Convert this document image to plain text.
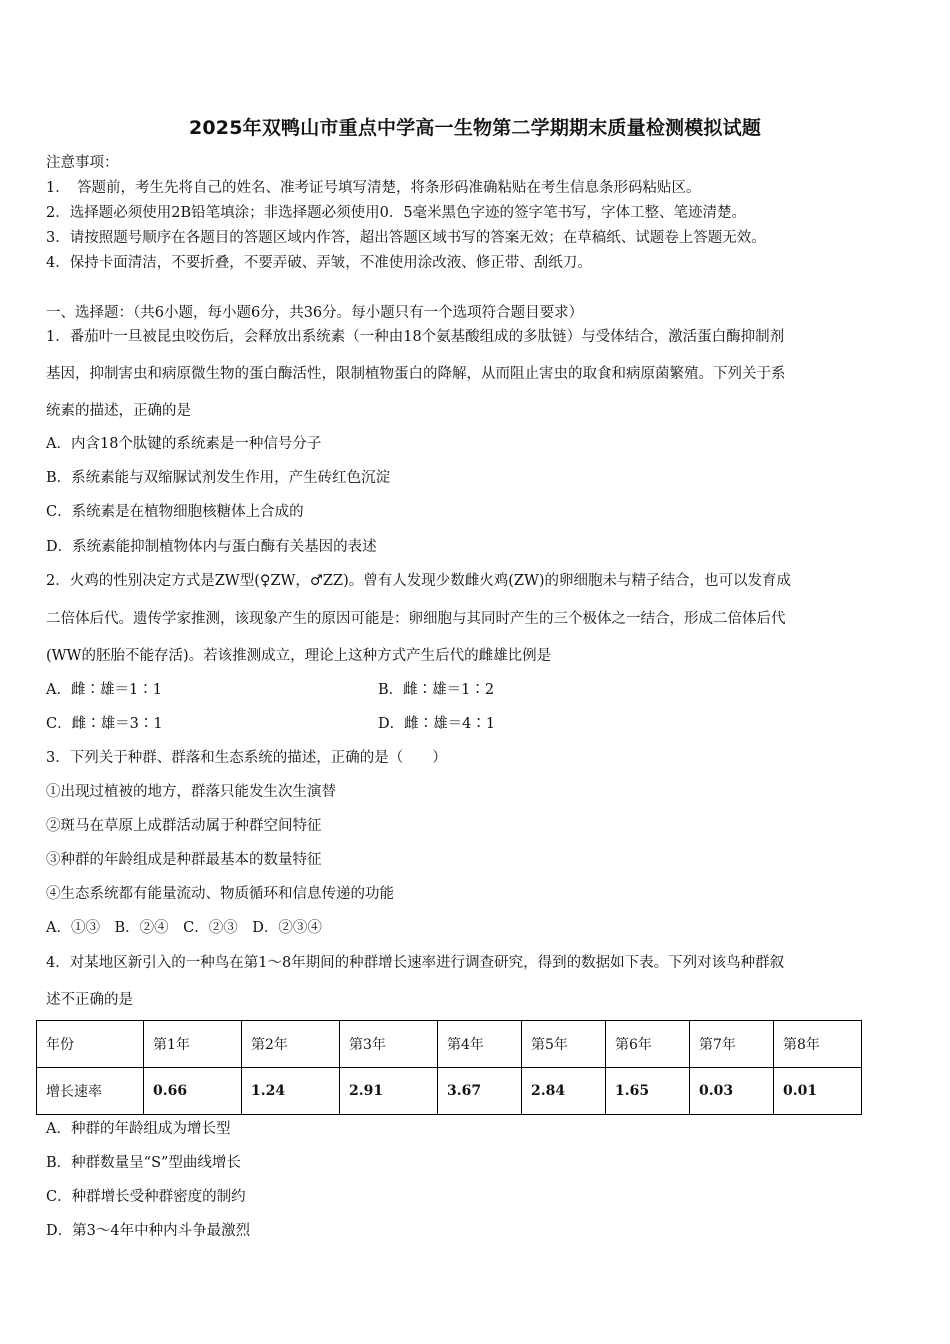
2025年双鸭山市重点中学高一生物第二学期期末质量检测模拟试题
注意事项：
1．　答题前，考生先将自己的姓名、准考证号填写清楚，将条形码准确粘贴在考生信息条形码粘贴区。
2．选择题必须使用2B铅笔填涂；非选择题必须使用0．5毫米黑色字迹的签字笔书写，字体工整、笔迹清楚。
3．请按照题号顺序在各题目的答题区域内作答，超出答题区域书写的答案无效；在草稿纸、试题卷上答题无效。
4．保持卡面清洁，不要折叠，不要弄破、弄皱，不准使用涂改液、修正带、刮纸刀。
一、选择题：（共6小题，每小题6分，共36分。每小题只有一个选项符合题目要求）
1．番茄叶一旦被昆虫咬伤后，会释放出系统素（一种由18个氨基酸组成的多肽链）与受体结合，激活蛋白酶抑制剂
基因，抑制害虫和病原微生物的蛋白酶活性，限制植物蛋白的降解，从而阻止害虫的取食和病原菌繁殖。下列关于系
统素的描述，正确的是
A．内含18个肽键的系统素是一种信号分子
B．系统素能与双缩脲试剂发生作用，产生砖红色沉淀
C．系统素是在植物细胞核糖体上合成的
D．系统素能抑制植物体内与蛋白酶有关基因的表述
2．火鸡的性别决定方式是ZW型(♀ZW，♂ZZ)。曾有人发现少数雌火鸡(ZW)的卵细胞未与精子结合，也可以发育成
二倍体后代。遗传学家推测，该现象产生的原因可能是：卵细胞与其同时产生的三个极体之一结合，形成二倍体后代
(WW的胚胎不能存活)。若该推测成立，理论上这种方式产生后代的雌雄比例是
A．雌∶雄＝1∶1	B．雌∶雄＝1∶2
C．雌∶雄＝3∶1	D．雌∶雄＝4∶1
3．下列关于种群、群落和生态系统的描述，正确的是（　　）
①出现过植被的地方，群落只能发生次生演替
②斑马在草原上成群活动属于种群空间特征
③种群的年龄组成是种群最基本的数量特征
④生态系统都有能量流动、物质循环和信息传递的功能
A．①③　B．②④　C．②③　D．②③④
4．对某地区新引入的一种鸟在第1～8年期间的种群增长速率进行调查研究，得到的数据如下表。下列对该鸟种群叙
述不正确的是
年份	第1年	第2年	第3年	第4年	第5年	第6年	第7年	第8年
增长速率	0.66	1.24	2.91	3.67	2.84	1.65	0.03	0.01
A．种群的年龄组成为增长型
B．种群数量呈“S”型曲线增长
C．种群增长受种群密度的制约
D．第3～4年中种内斗争最激烈
